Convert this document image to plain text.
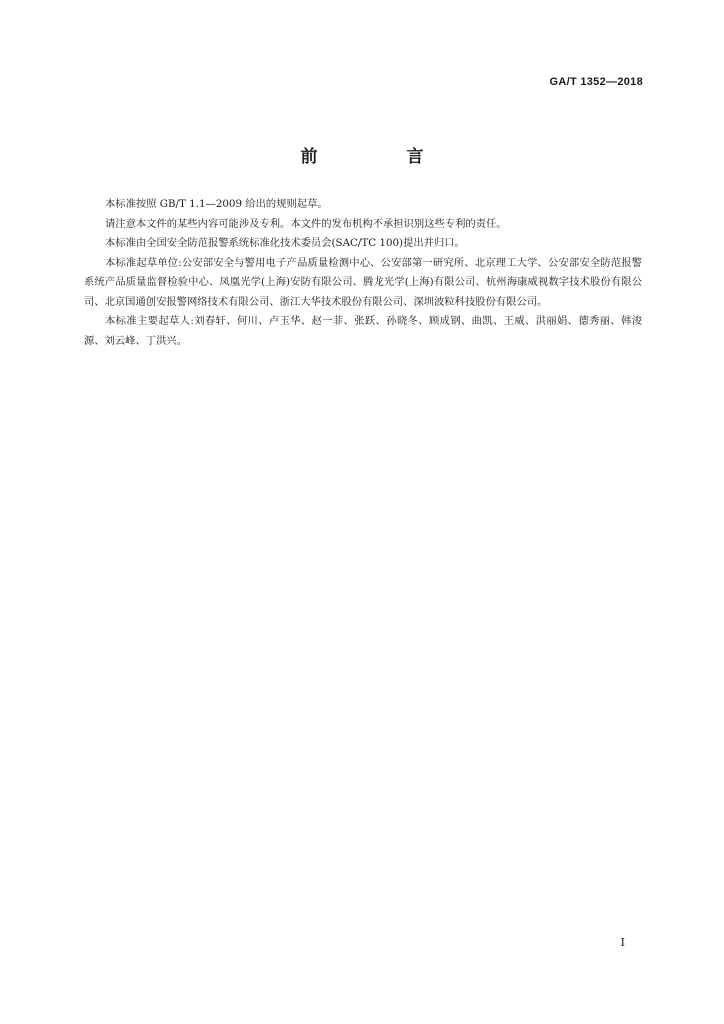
GA/T 1352—2018
前　言

本标准按照 GB/T 1.1—2009 给出的规则起草。

请注意本文件的某些内容可能涉及专利。本文件的发布机构不承担识别这些专利的责任。

本标准由全国安全防范报警系统标准化技术委员会(SAC/TC 100)提出并归口。

本标准起草单位:公安部安全与警用电子产品质量检测中心、公安部第一研究所、北京理工大学、公安部安全防范报警系统产品质量监督检验中心、凤凰光学(上海)安防有限公司、腾龙光学(上海)有限公司、杭州海康威视数字技术股份有限公司、北京国通创安报警网络技术有限公司、浙江大华技术股份有限公司、深圳波粒科技股份有限公司。

本标准主要起草人:刘春轩、何川、卢玉华、赵一菲、张跃、孙晓冬、顾成钢、曲凯、王威、洪丽娟、德秀丽、韩浚源、刘云峰、丁洪兴。

I
